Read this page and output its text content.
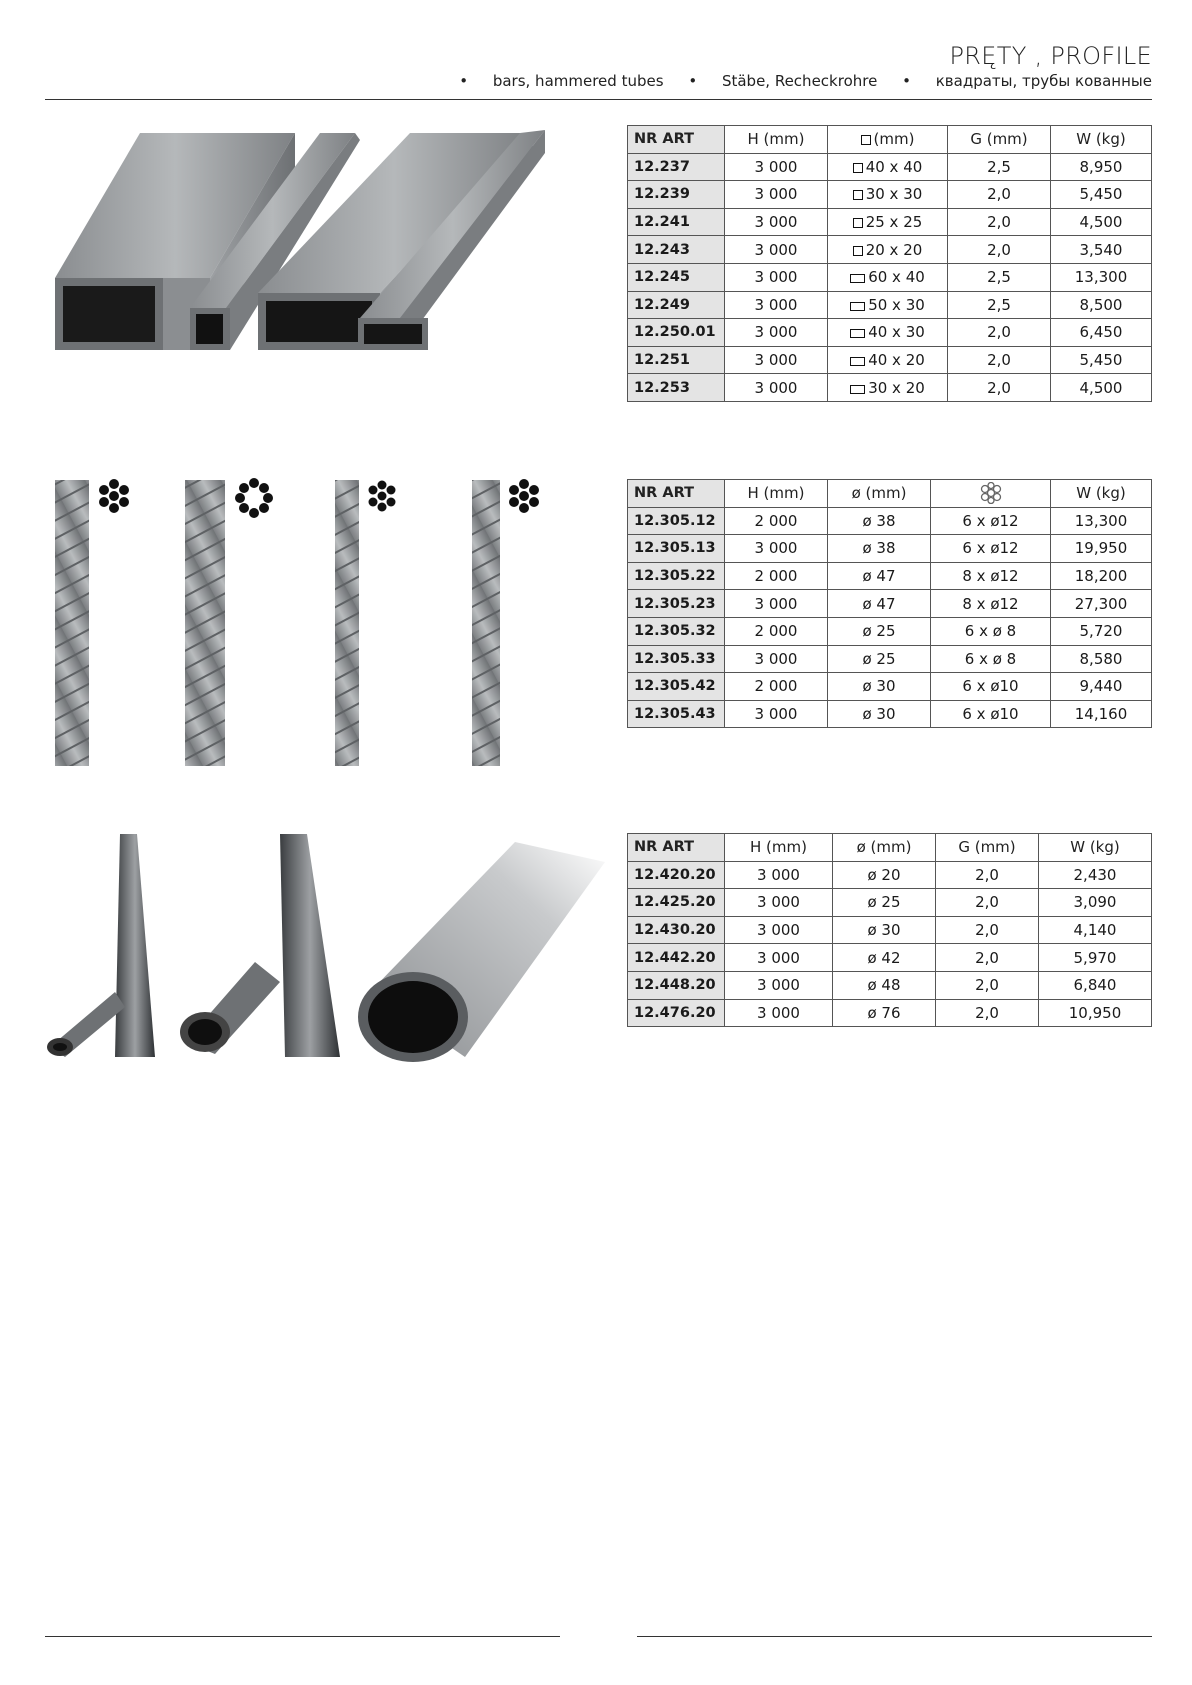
PRĘTY , PROFILE
• bars, hammered tubes • Stäbe, Recheckrohre • квадраты, трубы кованные
NR ART	H (mm)	(mm)	G (mm)	W (kg)
12.237	3 000	40 x 40	2,5	8,950
12.239	3 000	30 x 30	2,0	5,450
12.241	3 000	25 x 25	2,0	4,500
12.243	3 000	20 x 20	2,0	3,540
12.245	3 000	60 x 40	2,5	13,300
12.249	3 000	50 x 30	2,5	8,500
12.250.01	3 000	40 x 30	2,0	6,450
12.251	3 000	40 x 20	2,0	5,450
12.253	3 000	30 x 20	2,0	4,500
NR ART	H (mm)	ø (mm)		W (kg)
12.305.12	2 000	ø 38	6 x ø12	13,300
12.305.13	3 000	ø 38	6 x ø12	19,950
12.305.22	2 000	ø 47	8 x ø12	18,200
12.305.23	3 000	ø 47	8 x ø12	27,300
12.305.32	2 000	ø 25	6 x ø 8	5,720
12.305.33	3 000	ø 25	6 x ø 8	8,580
12.305.42	2 000	ø 30	6 x ø10	9,440
12.305.43	3 000	ø 30	6 x ø10	14,160
NR ART	H (mm)	ø (mm)	G (mm)	W (kg)
12.420.20	3 000	ø 20	2,0	2,430
12.425.20	3 000	ø 25	2,0	3,090
12.430.20	3 000	ø 30	2,0	4,140
12.442.20	3 000	ø 42	2,0	5,970
12.448.20	3 000	ø 48	2,0	6,840
12.476.20	3 000	ø 76	2,0	10,950
